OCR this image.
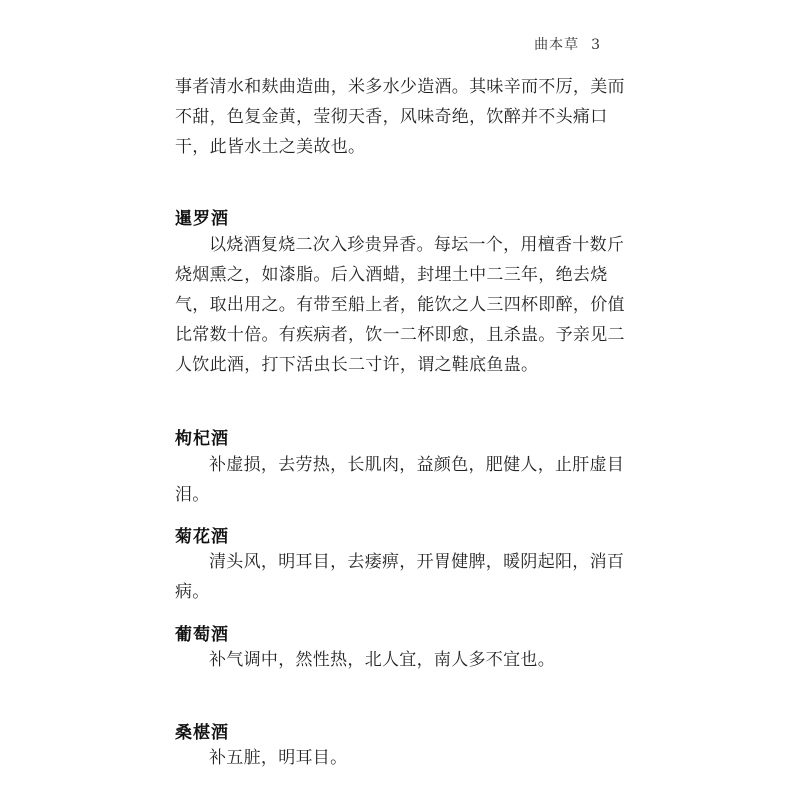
曲本草 3

事者清水和麸曲造曲，米多水少造酒。其味辛而不厉，美而不甜，色复金黄，莹彻天香，风味奇绝，饮醉并不头痛口干，此皆水土之美故也。

暹罗酒

以烧酒复烧二次入珍贵异香。每坛一个，用檀香十数斤烧烟熏之，如漆脂。后入酒蜡，封埋土中二三年，绝去烧气，取出用之。有带至船上者，能饮之人三四杯即醉，价值比常数十倍。有疾病者，饮一二杯即愈，且杀蛊。予亲见二人饮此酒，打下活虫长二寸许，谓之鞋底鱼蛊。

枸杞酒

补虚损，去劳热，长肌肉，益颜色，肥健人，止肝虚目泪。

菊花酒

清头风，明耳目，去痿痹，开胃健脾，暖阴起阳，消百病。

葡萄酒

补气调中，然性热，北人宜，南人多不宜也。

桑椹酒

补五脏，明耳目。
